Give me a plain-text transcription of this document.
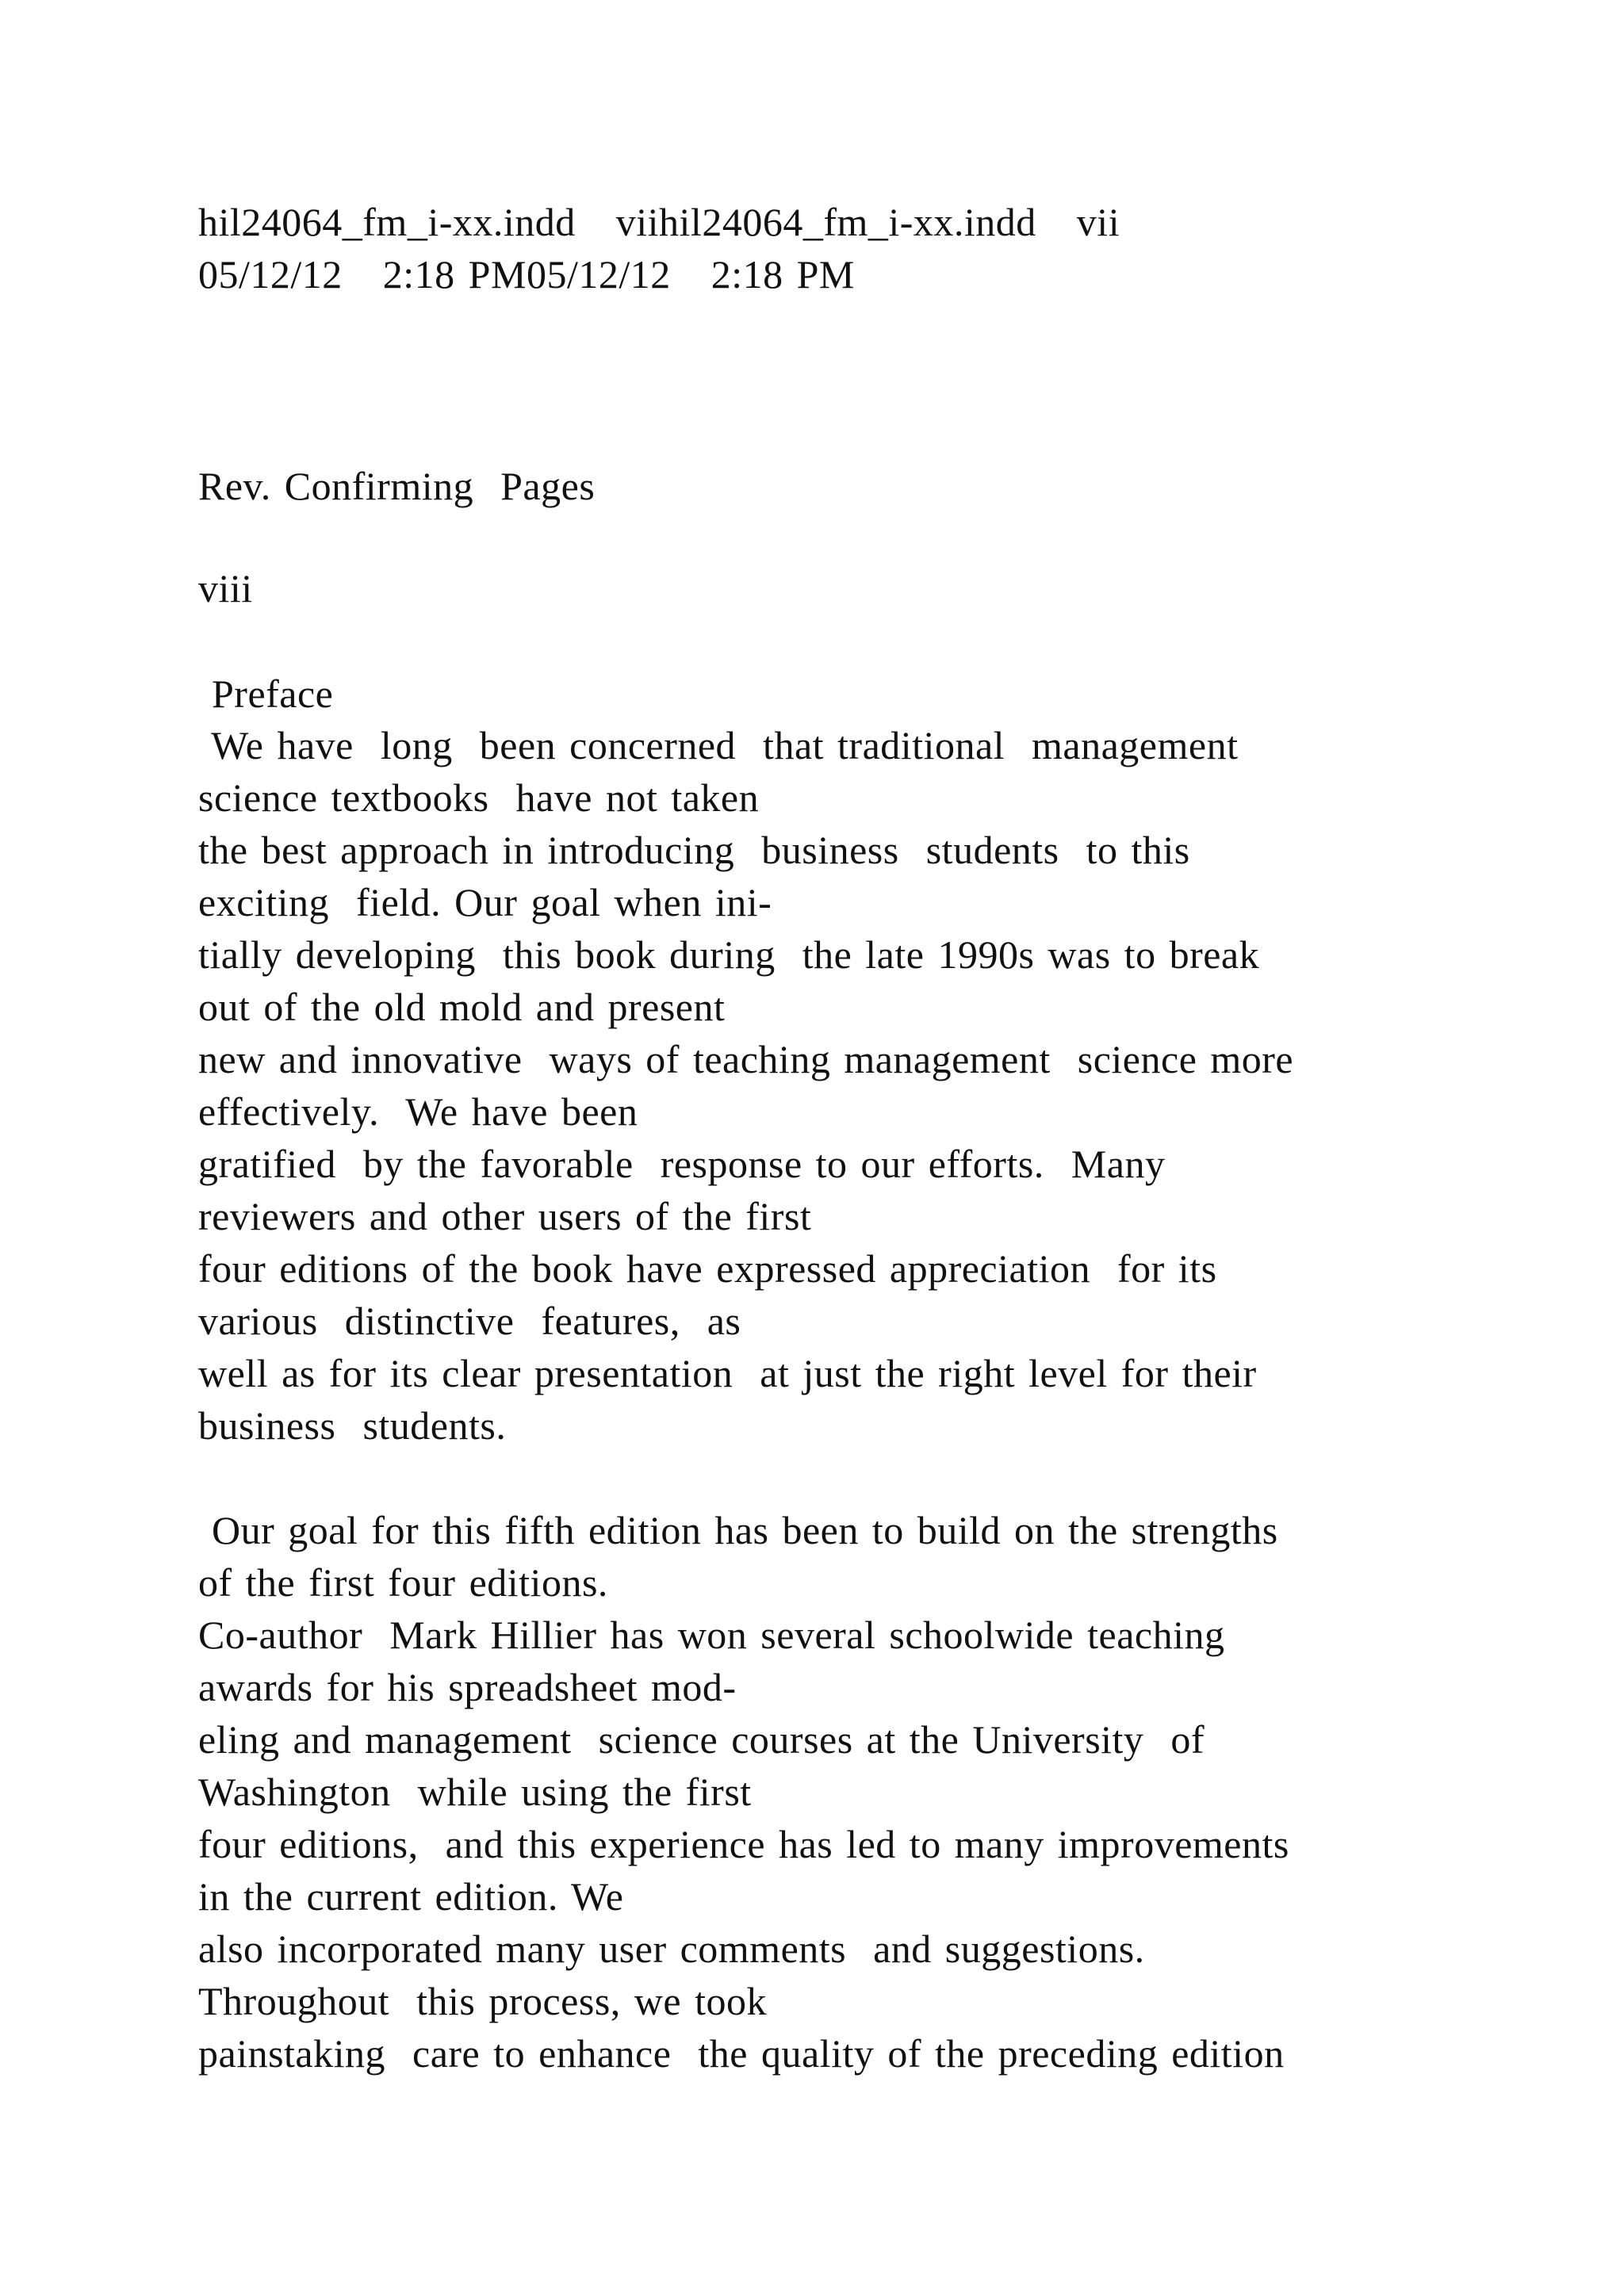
hil24064_fm_i-xx.indd   viihil24064_fm_i-xx.indd   vii

05/12/12   2:18 PM05/12/12   2:18 PM

Rev. Confirming  Pages

viii

Preface

We have  long  been concerned  that traditional  management

science textbooks  have not taken

the best approach in introducing  business  students  to this

exciting  field. Our goal when ini-

tially developing  this book during  the late 1990s was to break

out of the old mold and present

new and innovative  ways of teaching management  science more

effectively.  We have been

gratified  by the favorable  response to our efforts.  Many

reviewers and other users of the first

four editions of the book have expressed appreciation  for its

various  distinctive  features,  as

well as for its clear presentation  at just the right level for their

business  students.

Our goal for this fifth edition has been to build on the strengths

of the first four editions.

Co-author  Mark Hillier has won several schoolwide teaching

awards for his spreadsheet mod-

eling and management  science courses at the University  of

Washington  while using the first

four editions,  and this experience has led to many improvements

in the current edition. We

also incorporated many user comments  and suggestions.

Throughout  this process, we took

painstaking  care to enhance  the quality of the preceding edition
